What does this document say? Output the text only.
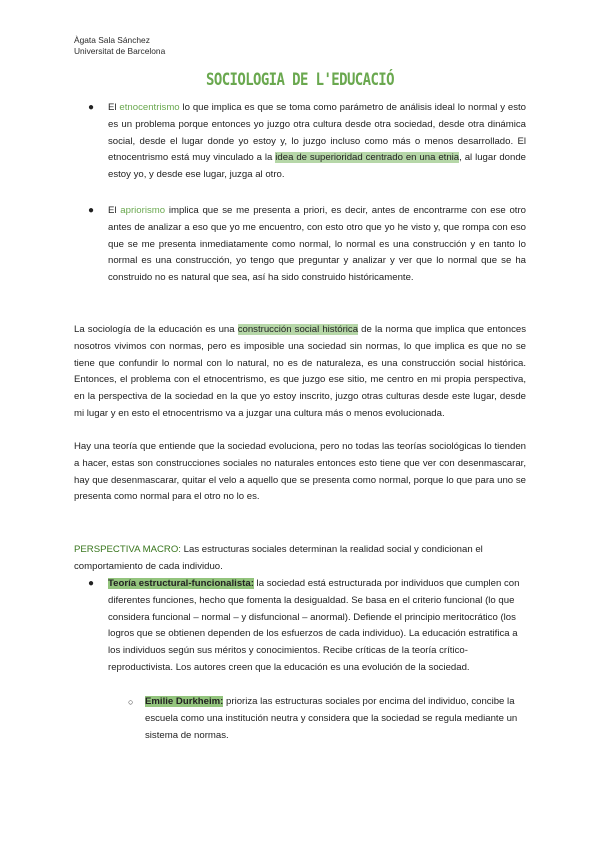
Àgata Sala Sánchez
Universitat de Barcelona
SOCIOLOGIA DE L'EDUCACIÓ
● El etnocentrismo lo que implica es que se toma como parámetro de análisis ideal lo normal y esto es un problema porque entonces yo juzgo otra cultura desde otra sociedad, desde otra dinámica social, desde el lugar donde yo estoy y, lo juzgo incluso como más o menos desarrollado. El etnocentrismo está muy vinculado a la idea de superioridad centrado en una etnia, al lugar donde estoy yo, y desde ese lugar, juzga al otro.

● El apriorismo implica que se me presenta a priori, es decir, antes de encontrarme con ese otro antes de analizar a eso que yo me encuentro, con esto otro que yo he visto y, que rompa con eso que se me presenta inmediatamente como normal, lo normal es una construcción y en tanto lo normal es una construcción, yo tengo que preguntar y analizar y ver que lo normal que se ha construido no es natural que sea, así ha sido construido históricamente.

La sociología de la educación es una construcción social histórica de la norma que implica que entonces nosotros vivimos con normas, pero es imposible una sociedad sin normas, lo que implica es que no se tiene que confundir lo normal con lo natural, no es de naturaleza, es una construcción social histórica. Entonces, el problema con el etnocentrismo, es que juzgo ese sitio, me centro en mi propia perspectiva, en la perspectiva de la sociedad en la que yo estoy inscrito, juzgo otras culturas desde este lugar, desde mi lugar y en esto el etnocentrismo va a juzgar una cultura más o menos evolucionada.

Hay una teoría que entiende que la sociedad evoluciona, pero no todas las teorías sociológicas lo tienden a hacer, estas son construcciones sociales no naturales entonces esto tiene que ver con desenmascarar, hay que desenmascarar, quitar el velo a aquello que se presenta como normal, porque lo que para uno se presenta como normal para el otro no lo es.

PERSPECTIVA MACRO: Las estructuras sociales determinan la realidad social y condicionan el comportamiento de cada individuo.

● Teoría estructural-funcionalista: la sociedad está estructurada por individuos que cumplen con diferentes funciones, hecho que fomenta la desigualdad. Se basa en el criterio funcional (lo que considera funcional – normal – y disfuncional – anormal). Defiende el principio meritocrático (los logros que se obtienen dependen de los esfuerzos de cada individuo). La educación estratifica a los individuos según sus méritos y conocimientos. Recibe críticas de la teoría crítico-reproductivista. Los autores creen que la educación es una evolución de la sociedad.

○ Emilie Durkheim: prioriza las estructuras sociales por encima del individuo, concibe la escuela como una institución neutra y considera que la sociedad se regula mediante un sistema de normas.
